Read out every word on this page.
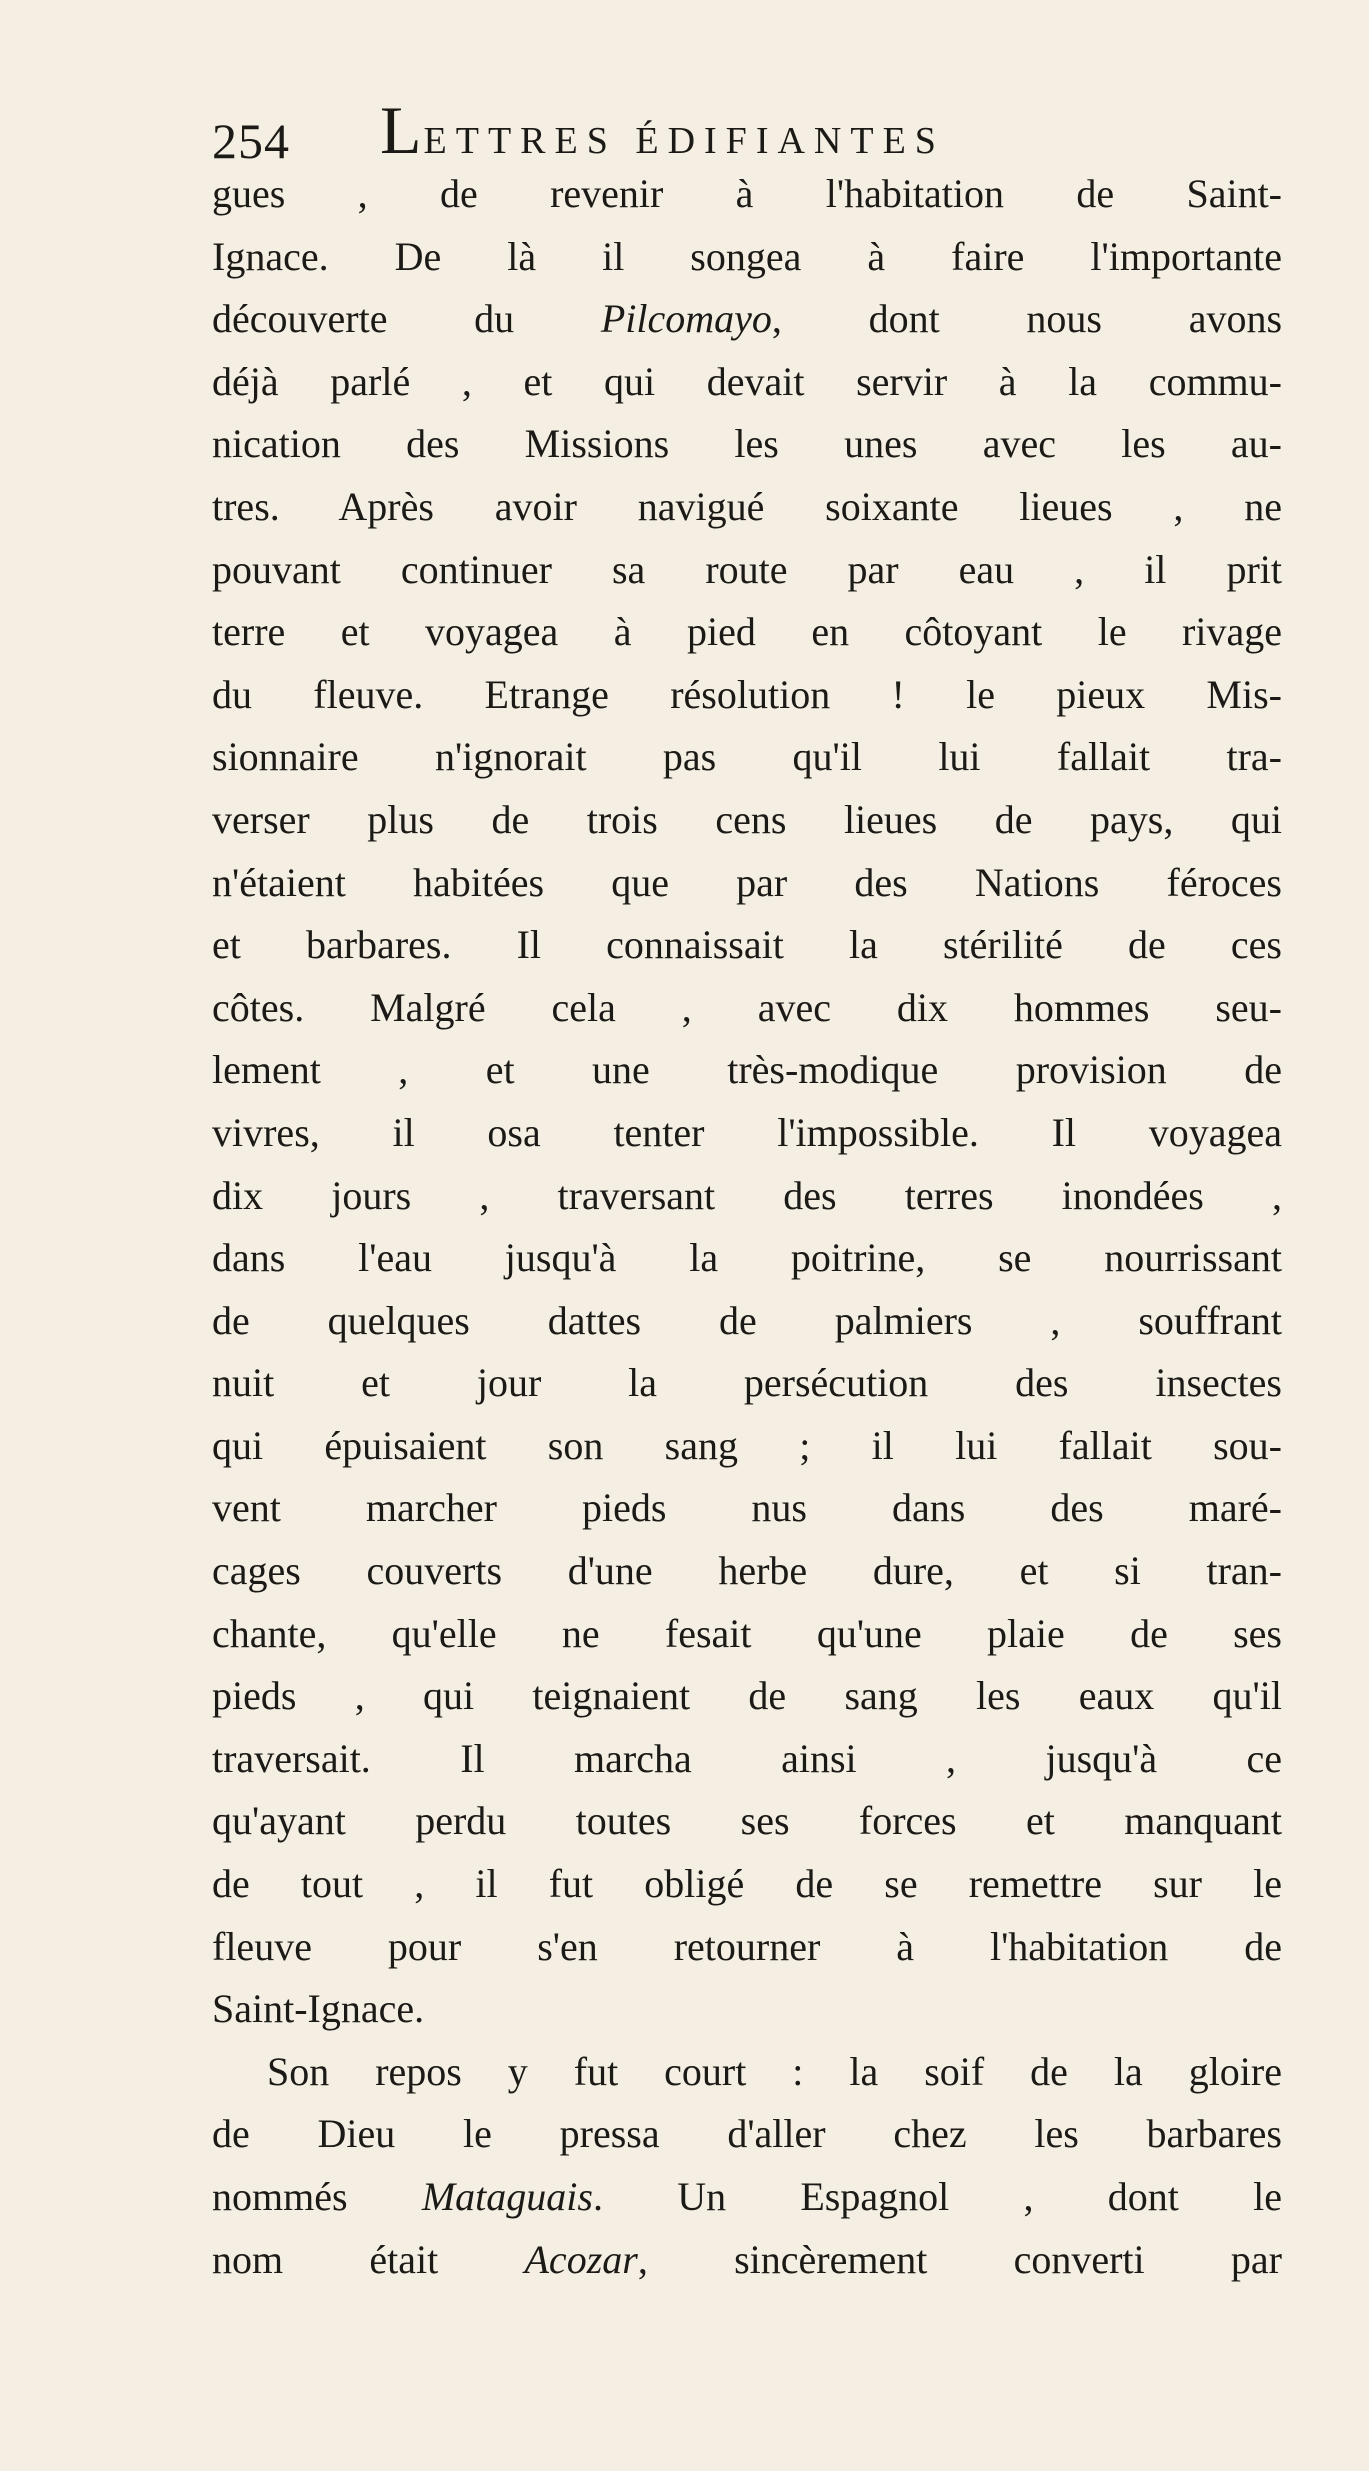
254 LETTRES ÉDIFIANTES
gues , de revenir à l'habitation de Saint-
Ignace. De là il songea à faire l'importante
découverte du Pilcomayo, dont nous avons
déjà parlé , et qui devait servir à la commu-
nication des Missions les unes avec les au-
tres. Après avoir navigué soixante lieues , ne
pouvant continuer sa route par eau , il prit
terre et voyagea à pied en côtoyant le rivage
du fleuve. Etrange résolution ! le pieux Mis-
sionnaire n'ignorait pas qu'il lui fallait tra-
verser plus de trois cens lieues de pays, qui
n'étaient habitées que par des Nations féroces
et barbares. Il connaissait la stérilité de ces
côtes. Malgré cela , avec dix hommes seu-
lement , et une très-modique provision de
vivres, il osa tenter l'impossible. Il voyagea
dix jours , traversant des terres inondées ,
dans l'eau jusqu'à la poitrine, se nourrissant
de quelques dattes de palmiers , souffrant
nuit et jour la persécution des insectes
qui épuisaient son sang ; il lui fallait sou-
vent marcher pieds nus dans des maré-
cages couverts d'une herbe dure, et si tran-
chante, qu'elle ne fesait qu'une plaie de ses
pieds , qui teignaient de sang les eaux qu'il
traversait. Il marcha ainsi , jusqu'à ce
qu'ayant perdu toutes ses forces et manquant
de tout , il fut obligé de se remettre sur le
fleuve pour s'en retourner à l'habitation de
Saint-Ignace.
Son repos y fut court : la soif de la gloire
de Dieu le pressa d'aller chez les barbares
nommés Mataguais. Un Espagnol , dont le
nom était Acozar, sincèrement converti par
